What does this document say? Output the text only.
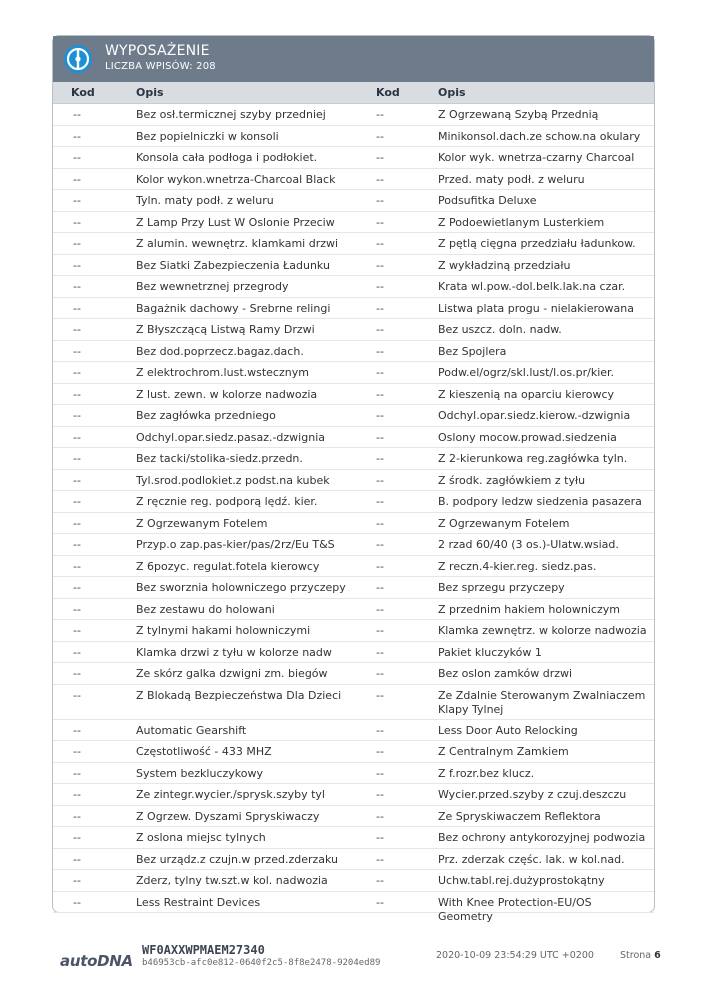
WYPOSAŻENIE
LICZBA WPISÓW: 208
Kod	Opis	Kod	Opis
--	Bez osł.termicznej szyby przedniej	--	Z Ogrzewaną Szybą Przednią
--	Bez popielniczki w konsoli	--	Minikonsol.dach.ze schow.na okulary
--	Konsola cała podłoga i podłokiet.	--	Kolor wyk. wnetrza-czarny Charcoal
--	Kolor wykon.wnetrza-Charcoal Black	--	Przed. maty podł. z weluru
--	Tyln. maty podł. z weluru	--	Podsufitka Deluxe
--	Z Lamp Przy Lust W Oslonie Przeciw	--	Z Podoewietlanym Lusterkiem
--	Z alumin. wewnętrz. klamkami drzwi	--	Z pętlą cięgna przedziału ładunkow.
--	Bez Siatki Zabezpieczenia Ładunku	--	Z wykładziną przedziału
--	Bez wewnetrznej przegrody	--	Krata wl.pow.-dol.belk.lak.na czar.
--	Bagażnik dachowy - Srebrne relingi	--	Listwa plata progu - nielakierowana
--	Z Błyszczącą Listwą Ramy Drzwi	--	Bez uszcz. doln. nadw.
--	Bez dod.poprzecz.bagaz.dach.	--	Bez Spojlera
--	Z elektrochrom.lust.wstecznym	--	Podw.el/ogrz/skl.lust/l.os.pr/kier.
--	Z lust. zewn. w kolorze nadwozia	--	Z kieszenią na oparciu kierowcy
--	Bez zagłówka przedniego	--	Odchyl.opar.siedz.kierow.-dzwignia
--	Odchyl.opar.siedz.pasaz.-dzwignia	--	Oslony mocow.prowad.siedzenia
--	Bez tacki/stolika-siedz.przedn.	--	Z 2-kierunkowa reg.zagłówka tyln.
--	Tyl.srod.podlokiet.z podst.na kubek	--	Z środk. zagłówkiem z tyłu
--	Z ręcznie reg. podporą lędź. kier.	--	B. podpory ledzw siedzenia pasazera
--	Z Ogrzewanym Fotelem	--	Z Ogrzewanym Fotelem
--	Przyp.o zap.pas-kier/pas/2rz/Eu T&S	--	2 rzad 60/40 (3 os.)-Ulatw.wsiad.
--	Z 6pozyc. regulat.fotela kierowcy	--	Z reczn.4-kier.reg. siedz.pas.
--	Bez sworznia holowniczego przyczepy	--	Bez sprzegu przyczepy
--	Bez zestawu do holowani	--	Z przednim hakiem holowniczym
--	Z tylnymi hakami holowniczymi	--	Klamka zewnętrz. w kolorze nadwozia
--	Klamka drzwi z tyłu w kolorze nadw	--	Pakiet kluczyków 1
--	Ze skórz galka dzwigni zm. biegów	--	Bez oslon zamków drzwi
--	Z Blokadą Bezpieczeństwa Dla Dzieci	--	Ze Zdalnie Sterowanym Zwalniaczem Klapy Tylnej
--	Automatic Gearshift	--	Less Door Auto Relocking
--	Częstotliwość - 433 MHZ	--	Z Centralnym Zamkiem
--	System bezkluczykowy	--	Z f.rozr.bez klucz.
--	Ze zintegr.wycier./sprysk.szyby tyl	--	Wycier.przed.szyby z czuj.deszczu
--	Z Ogrzew. Dyszami Spryskiwaczy	--	Ze Spryskiwaczem Reflektora
--	Z oslona miejsc tylnych	--	Bez ochrony antykorozyjnej podwozia
--	Bez urządz.z czujn.w przed.zderzaku	--	Prz. zderzak częśc. lak. w kol.nad.
--	Zderz, tylny tw.szt.w kol. nadwozia	--	Uchw.tabl.rej.dużyprostokątny
--	Less Restraint Devices	--	With Knee Protection-EU/OS Geometry
autoDNA
WF0AXXWPMAEM27340
b46953cb-afc0e812-0640f2c5-8f8e2478-9204ed89
2020-10-09 23:54:29 UTC +0200	Strona 6
